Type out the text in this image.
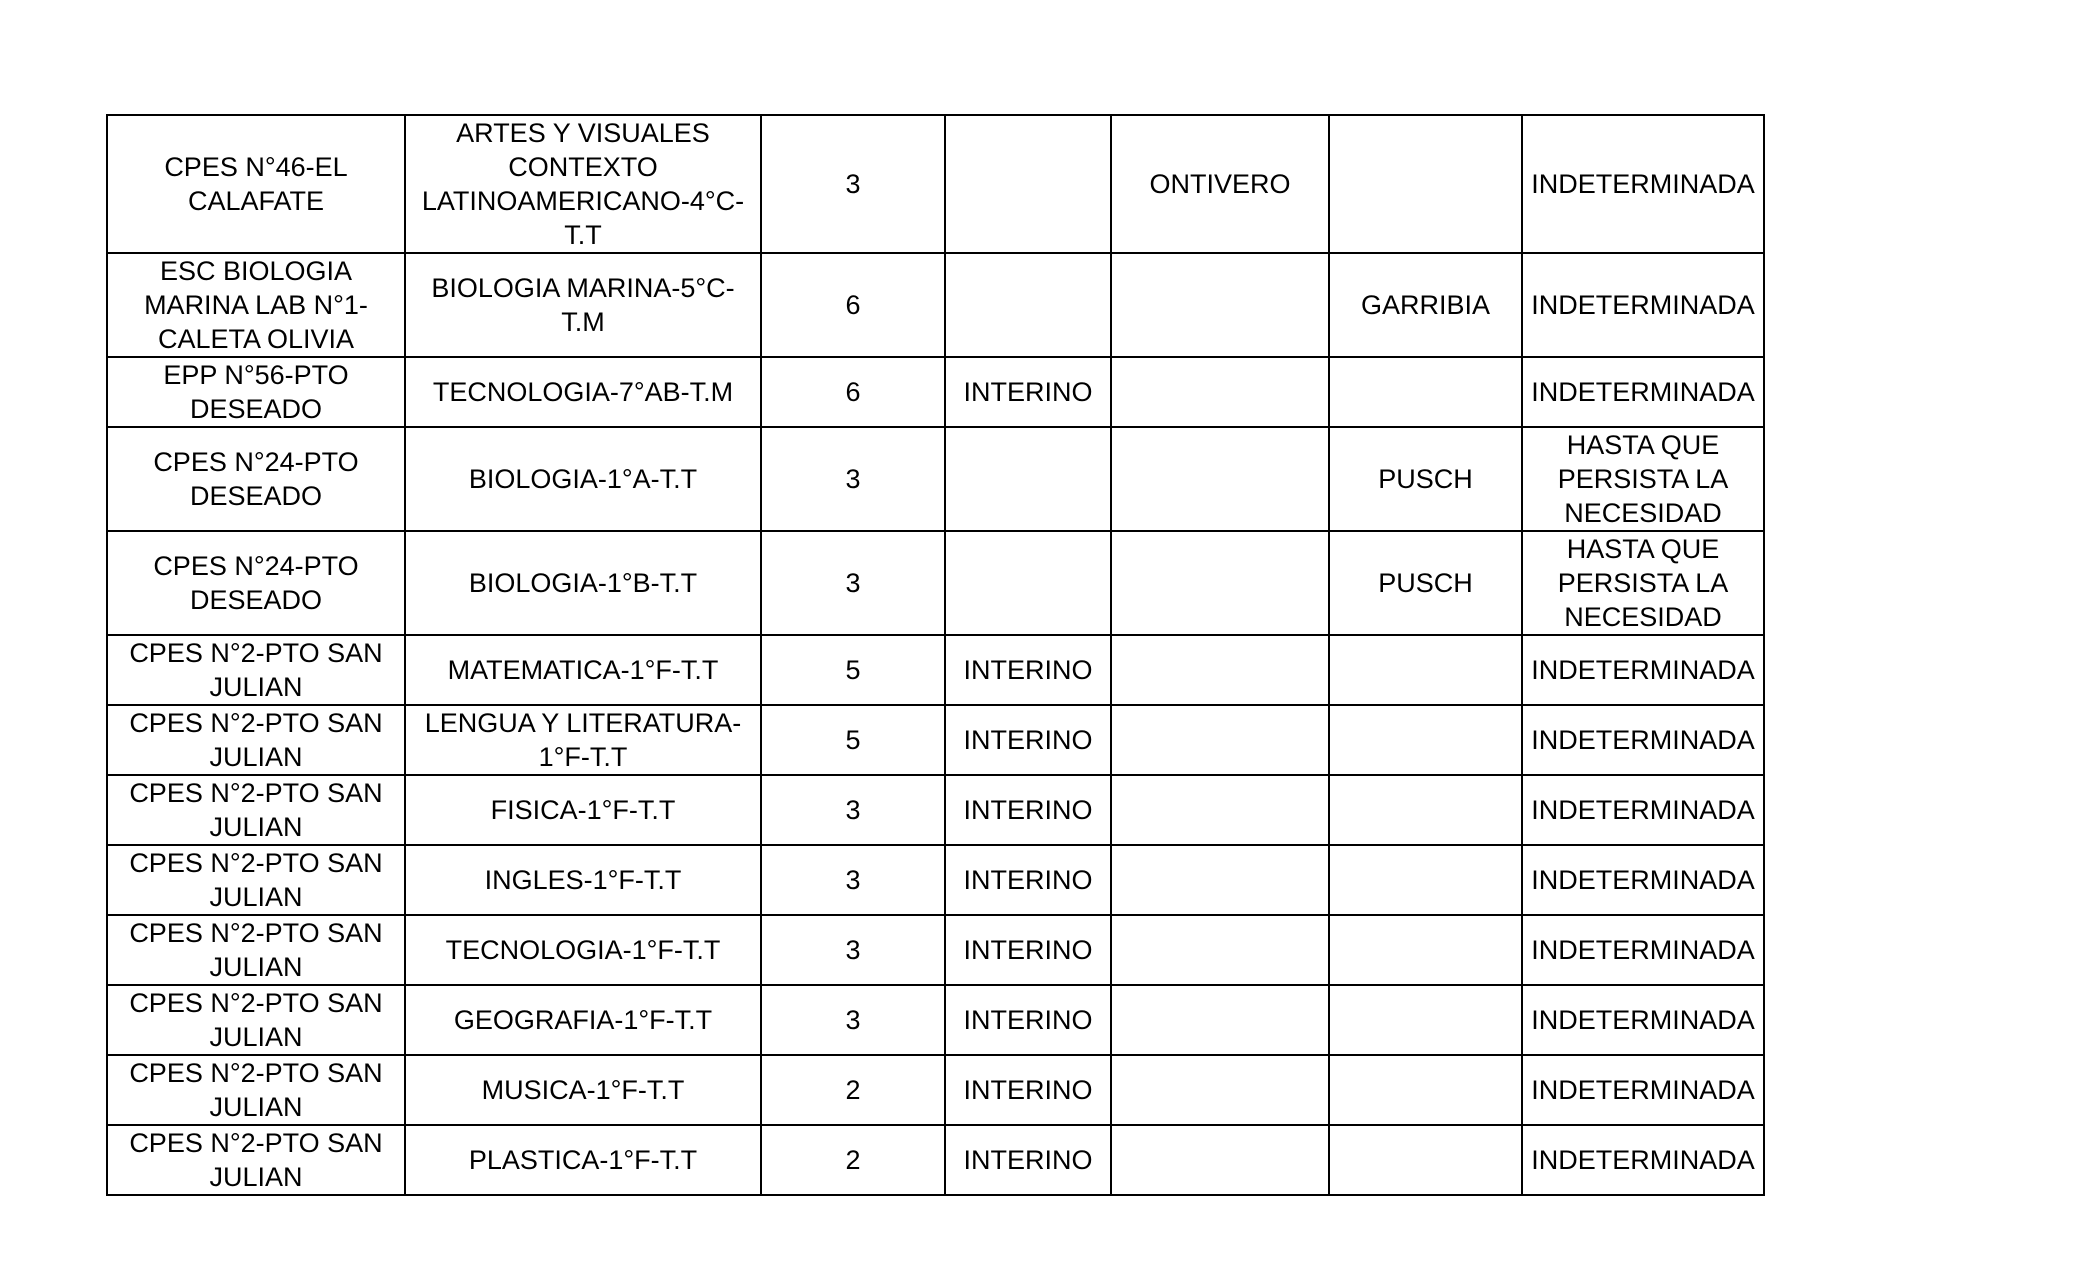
CPES N°46-EL
CALAFATE	ARTES Y VISUALES
CONTEXTO
LATINOAMERICANO-4°C-
T.T	3		ONTIVERO		INDETERMINADA

ESC BIOLOGIA
MARINA LAB N°1-
CALETA OLIVIA	BIOLOGIA MARINA-5°C-
T.M	6			GARRIBIA	INDETERMINADA

EPP N°56-PTO
DESEADO	TECNOLOGIA-7°AB-T.M	6	INTERINO			INDETERMINADA

CPES N°24-PTO
DESEADO	BIOLOGIA-1°A-T.T	3			PUSCH	HASTA QUE
PERSISTA LA
NECESIDAD

CPES N°24-PTO
DESEADO	BIOLOGIA-1°B-T.T	3			PUSCH	HASTA QUE
PERSISTA LA
NECESIDAD

CPES N°2-PTO SAN
JULIAN	MATEMATICA-1°F-T.T	5	INTERINO			INDETERMINADA

CPES N°2-PTO SAN
JULIAN	LENGUA Y LITERATURA-
1°F-T.T	5	INTERINO			INDETERMINADA

CPES N°2-PTO SAN
JULIAN	FISICA-1°F-T.T	3	INTERINO			INDETERMINADA

CPES N°2-PTO SAN
JULIAN	INGLES-1°F-T.T	3	INTERINO			INDETERMINADA

CPES N°2-PTO SAN
JULIAN	TECNOLOGIA-1°F-T.T	3	INTERINO			INDETERMINADA

CPES N°2-PTO SAN
JULIAN	GEOGRAFIA-1°F-T.T	3	INTERINO			INDETERMINADA

CPES N°2-PTO SAN
JULIAN	MUSICA-1°F-T.T	2	INTERINO			INDETERMINADA

CPES N°2-PTO SAN
JULIAN	PLASTICA-1°F-T.T	2	INTERINO			INDETERMINADA
